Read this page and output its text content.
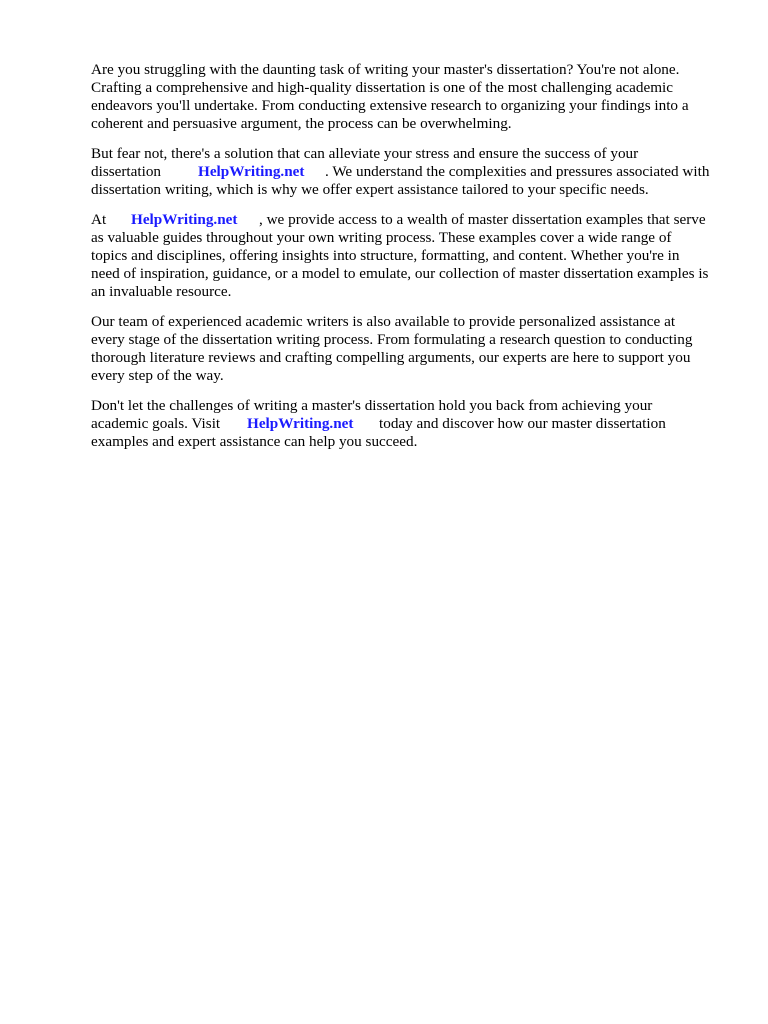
Are you struggling with the daunting task of writing your master's dissertation? You're not alone.
Crafting a comprehensive and high-quality dissertation is one of the most challenging academic
endeavors you'll undertake. From conducting extensive research to organizing your findings into a
coherent and persuasive argument, the process can be overwhelming.
But fear not, there's a solution that can alleviate your stress and ensure the success of your
dissertation HelpWriting.net . We understand the complexities and pressures associated with
dissertation writing, which is why we offer expert assistance tailored to your specific needs.
At HelpWriting.net , we provide access to a wealth of master dissertation examples that serve
as valuable guides throughout your own writing process. These examples cover a wide range of
topics and disciplines, offering insights into structure, formatting, and content. Whether you're in
need of inspiration, guidance, or a model to emulate, our collection of master dissertation examples is
an invaluable resource.
Our team of experienced academic writers is also available to provide personalized assistance at
every stage of the dissertation writing process. From formulating a research question to conducting
thorough literature reviews and crafting compelling arguments, our experts are here to support you
every step of the way.
Don't let the challenges of writing a master's dissertation hold you back from achieving your
academic goals. Visit HelpWriting.net today and discover how our master dissertation
examples and expert assistance can help you succeed.
